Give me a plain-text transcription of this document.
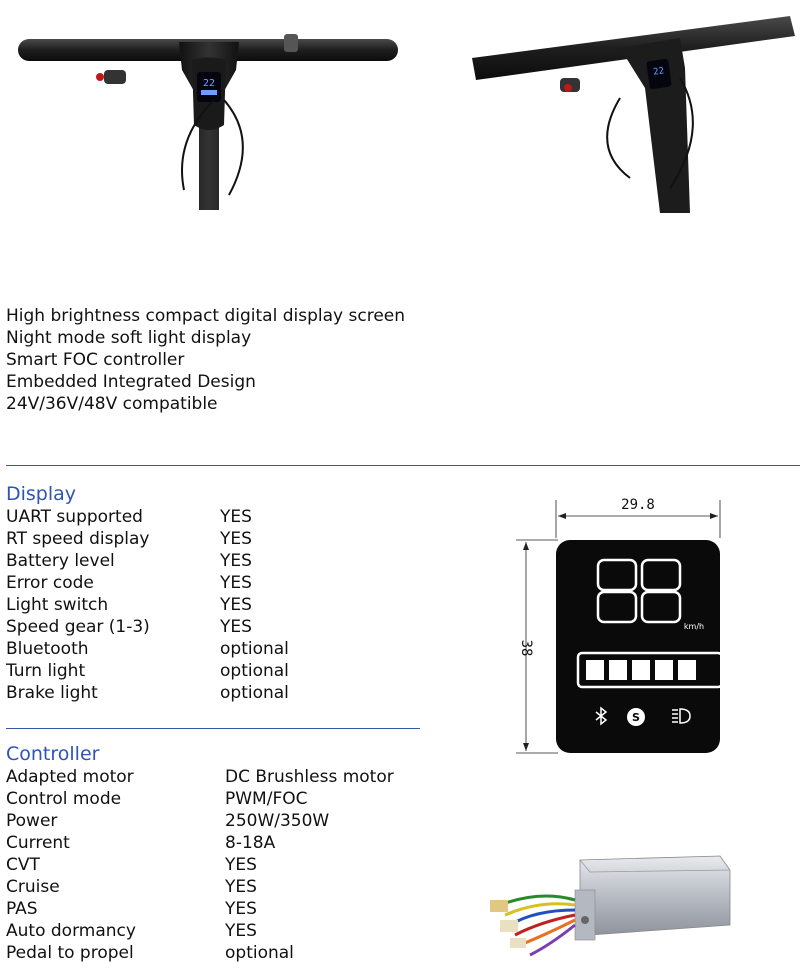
22
22
High brightness compact digital display screen
Night mode soft light display
Smart FOC controller
Embedded Integrated Design
24V/36V/48V compatible
Display
UART supported	YES
RT speed display	YES
Battery level	YES
Error code	YES
Light switch	YES
Speed gear (1-3)	YES
Bluetooth	optional
Turn light	optional
Brake light	optional
Controller
Adapted motor	DC Brushless motor
Control mode	PWM/FOC
Power	250W/350W
Current	8-18A
CVT	YES
Cruise	YES
PAS	YES
Auto dormancy	YES
Pedal to propel	optional
29.8
38
km/h
S
